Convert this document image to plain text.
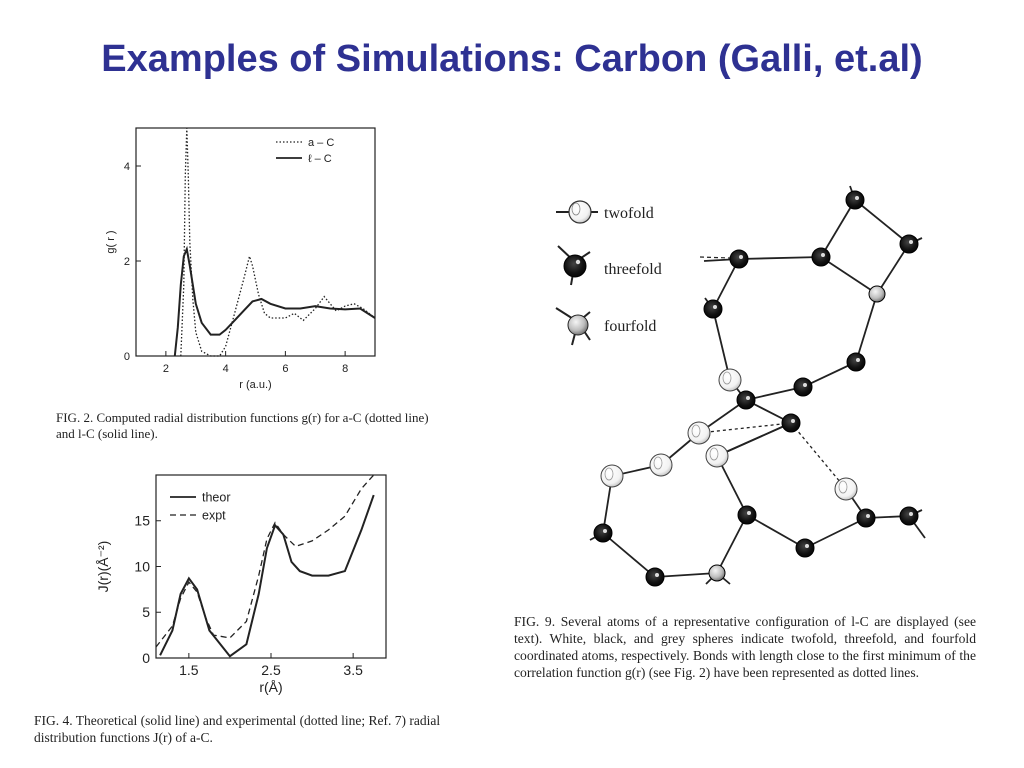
Examples of Simulations: Carbon (Galli, et.al)
2	4	6	8
0
2
4
r (a.u.)
g( r )
a – C
ℓ – C
FIG. 2. Computed radial distribution functions g(r) for a-C (dotted line) and l-C (solid line).
1.5	2.5	3.5
0
5
10
15
r(Å)
J(r)(Å⁻²)
theor
expt
FIG. 4. Theoretical (solid line) and experimental (dotted line; Ref. 7) radial distribution functions J(r) of a-C.
twofold
threefold
fourfold
FIG. 9. Several atoms of a representative configuration of l-C are displayed (see text). White, black, and grey spheres indicate twofold, threefold, and fourfold coordinated atoms, respectively. Bonds with length close to the first minimum of the correlation function g(r) (see Fig. 2) have been represented as dotted lines.
